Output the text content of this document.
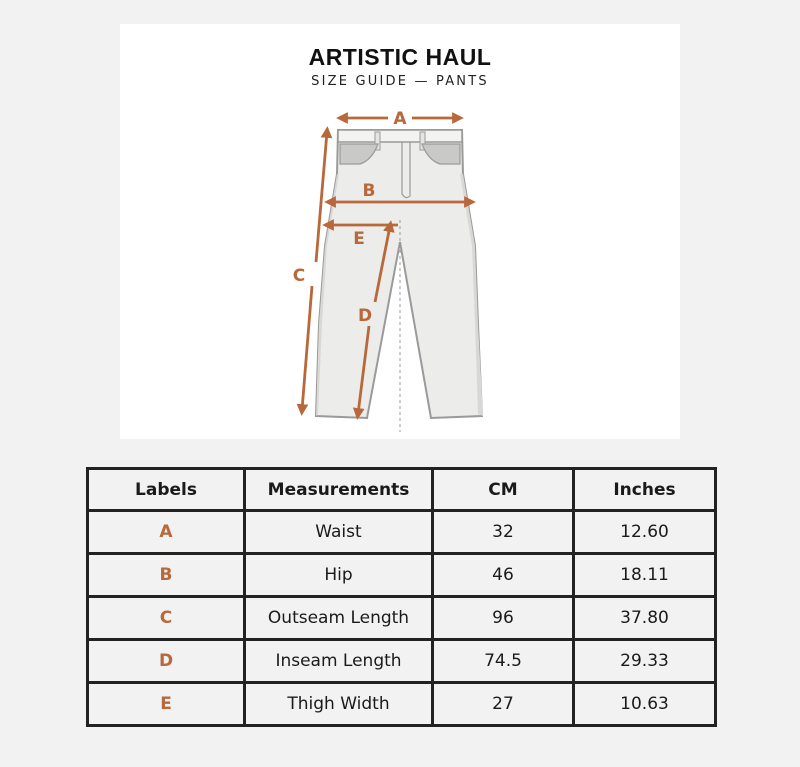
ARTISTIC HAUL
SIZE GUIDE — PANTS
A
B
E
C
D
Labels	Measurements	CM	Inches
A	Waist	32	12.60
B	Hip	46	18.11
C	Outseam Length	96	37.80
D	Inseam Length	74.5	29.33
E	Thigh Width	27	10.63
